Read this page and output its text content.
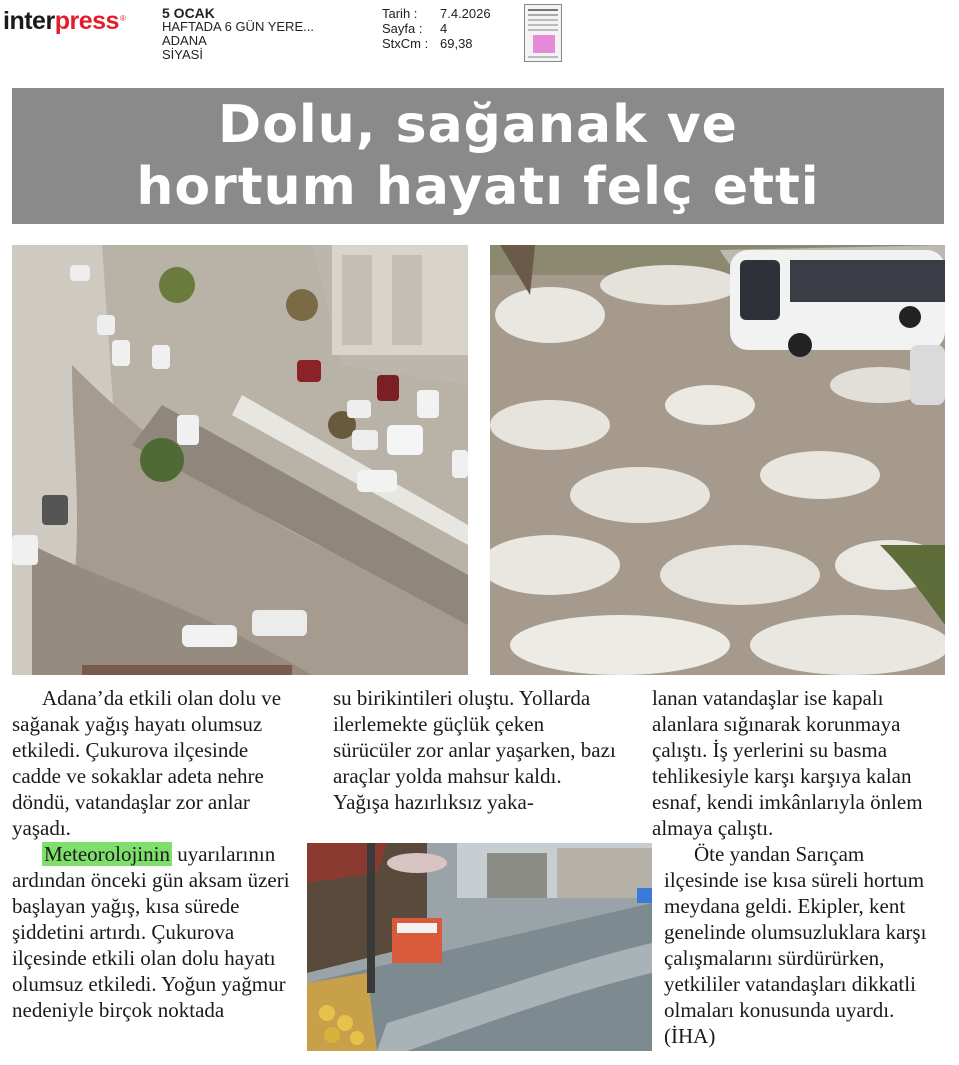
interpress ®	5 OCAK
HAFTADA 6 GÜN YERE...
ADANA
SİYASİ
Tarih :	7.4.2026
Sayfa :	4
StxCm : 69,38
Dolu, sağanak ve
hortum hayatı felç etti

Adana’da etkili olan dolu ve sağanak yağış hayatı olumsuz etkiledi. Çukurova ilçesinde cadde ve sokaklar adeta nehre döndü, vatandaşlar zor anlar yaşadı.

Meteorolojinin uyarılarının ardından önceki gün aksam üzeri başlayan yağış, kısa sürede şiddetini artırdı. Çukurova ilçesinde etkili olan dolu hayatı olumsuz etkiledi. Yoğun yağmur nedeniyle birçok noktada

su birikintileri oluştu. Yollarda ilerlemekte güçlük çeken sürücüler zor anlar yaşarken, bazı araçlar yolda mahsur kaldı. Yağışa hazırlıksız yaka-

lanan vatandaşlar ise kapalı alanlara sığınarak korunmaya çalıştı. İş yerlerini su basma tehlikesiyle karşı karşıya kalan esnaf, kendi imkânlarıyla önlem almaya çalıştı.

Öte yandan Sarıçam ilçesinde ise kısa süreli hortum meydana geldi. Ekipler, kent genelinde olumsuzluklara karşı çalışmalarını sürdürürken, yetkililer vatandaşları dikkatli olmaları konusunda uyardı. (İHA)
